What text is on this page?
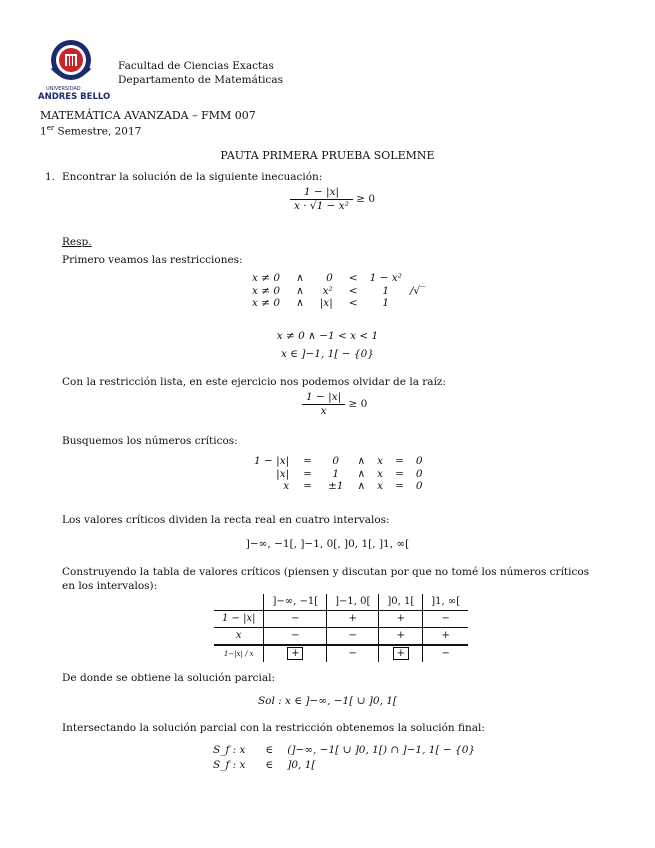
UNIVERSIDAD
ANDRES BELLO
Facultad de Ciencias Exactas
Departamento de Matemáticas
MATEMÁTICA AVANZADA – FMM 007
1er Semestre, 2017
PAUTA PRIMERA PRUEBA SOLEMNE
1. Encontrar la solución de la siguiente inecuación:
$\frac{1 - |x|}{\text{x · √1 − x²}} \ge 0$
Resp.
Primero veamos las restricciones:
x ≠ 0	∧	0	<	1 − x²	
x ≠ 0	∧	x²	<	1	/√‾
x ≠ 0	∧	|x|	<	1	
x ≠ 0 ∧ −1 < x < 1
x ∈ ]−1, 1[ − {0}
Con la restricción lista, en este ejercicio nos podemos olvidar de la raíz:
$\frac{1 - |x|}{x} \ge 0$
Busquemos los números críticos:
1 − |x|	=	0	∧	x	=	0
|x|	=	1	∧	x	=	0
x	=	±1	∧	x	=	0
Los valores críticos dividen la recta real en cuatro intervalos:
]−∞, −1[, ]−1, 0[, ]0, 1[, ]1, ∞[
Construyendo la tabla de valores críticos (piensen y discutan por que no tomé los números críticos
en los intervalos):
	]−∞, −1[	]−1, 0[	]0, 1[	]1, ∞[
1 − |x|	−	+	+	−
x	−	−	+	+
1−|x| / x	+	−	+	−
De donde se obtiene la solución parcial:
Sol : x ∈ ]−∞, −1[ ∪ ]0, 1[
Intersectando la solución parcial con la restricción obtenemos la solución final:
S_f : x	∈	(]−∞, −1[ ∪ ]0, 1[) ∩ ]−1, 1[ − {0}
S_f : x	∈	]0, 1[
